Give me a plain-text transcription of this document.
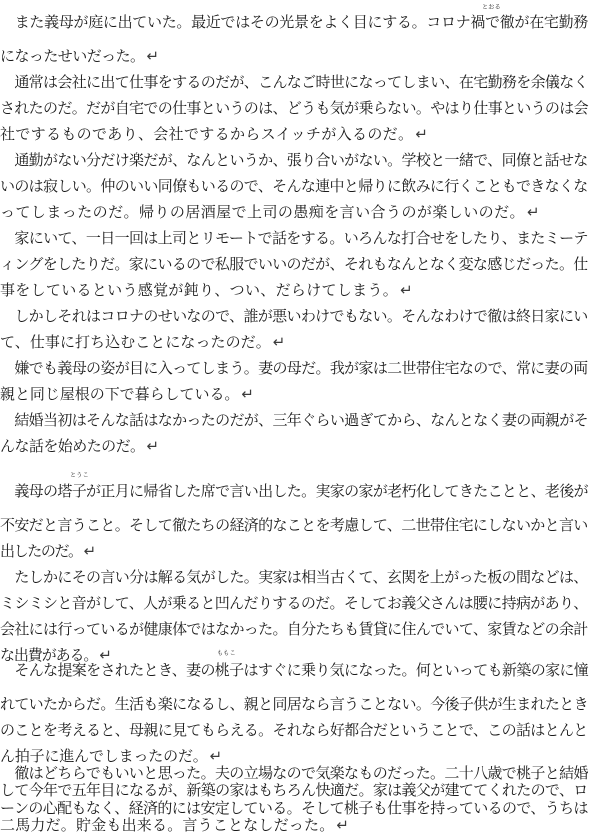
　また義母が庭に出ていた。最近ではその光景をよく目にする。コロナ禍で徹が在宅勤務
とおる
になったせいだった。 ↵
　通常は会社に出て仕事をするのだが、こんなご時世になってしまい、在宅勤務を余儀なく
されたのだ。だが自宅での仕事というのは、どうも気が乗らない。やはり仕事というのは会
社でするものであり、会社でするからスイッチが入るのだ。 ↵
　通勤がない分だけ楽だが、なんというか、張り合いがない。学校と一緒で、同僚と話せな
いのは寂しい。仲のいい同僚もいるので、そんな連中と帰りに飲みに行くこともできなくな
ってしまったのだ。帰りの居酒屋で上司の愚痴を言い合うのが楽しいのだ。 ↵
　家にいて、一日一回は上司とリモートで話をする。いろんな打合せをしたり、またミーテ
ィングをしたりだ。家にいるので私服でいいのだが、それもなんとなく変な感じだった。仕
事をしているという感覚が鈍り、つい、だらけてしまう。 ↵
　しかしそれはコロナのせいなので、誰が悪いわけでもない。そんなわけで徹は終日家にい
て、仕事に打ち込むことになったのだ。 ↵
　嫌でも義母の姿が目に入ってしまう。妻の母だ。我が家は二世帯住宅なので、常に妻の両
親と同じ屋根の下で暮らしている。 ↵
　結婚当初はそんな話はなかったのだが、三年ぐらい過ぎてから、なんとなく妻の両親がそ
んな話を始めたのだ。 ↵
とうこ
　義母の塔子が正月に帰省した席で言い出した。実家の家が老朽化してきたことと、老後が
不安だと言うこと。そして徹たちの経済的なことを考慮して、二世帯住宅にしないかと言い
出したのだ。 ↵
　たしかにその言い分は解る気がした。実家は相当古くて、玄関を上がった板の間などは、
ミシミシと音がして、人が乗ると凹んだりするのだ。そしてお義父さんは腰に持病があり、
会社には行っているが健康体ではなかった。自分たちも賃貸に住んでいて、家賃などの余計
な出費がある。 ↵	ももこ
　そんな提案をされたとき、妻の桃子はすぐに乗り気になった。何といっても新築の家に憧
れていたからだ。生活も楽になるし、親と同居なら言うことない。今後子供が生まれたとき
のことを考えると、母親に見てもらえる。それなら好都合だということで、この話はとんと
ん拍子に進んでしまったのだ。 ↵
　徹はどちらでもいいと思った。夫の立場なので気楽なものだった。二十八歳で桃子と結婚
して今年で五年目になるが、新築の家はもちろん快適だ。家は義父が建ててくれたので、ロ
ーンの心配もなく、経済的には安定している。そして桃子も仕事を持っているので、うちは
二馬力だ。貯金も出来る。言うことなしだった。 ↵
